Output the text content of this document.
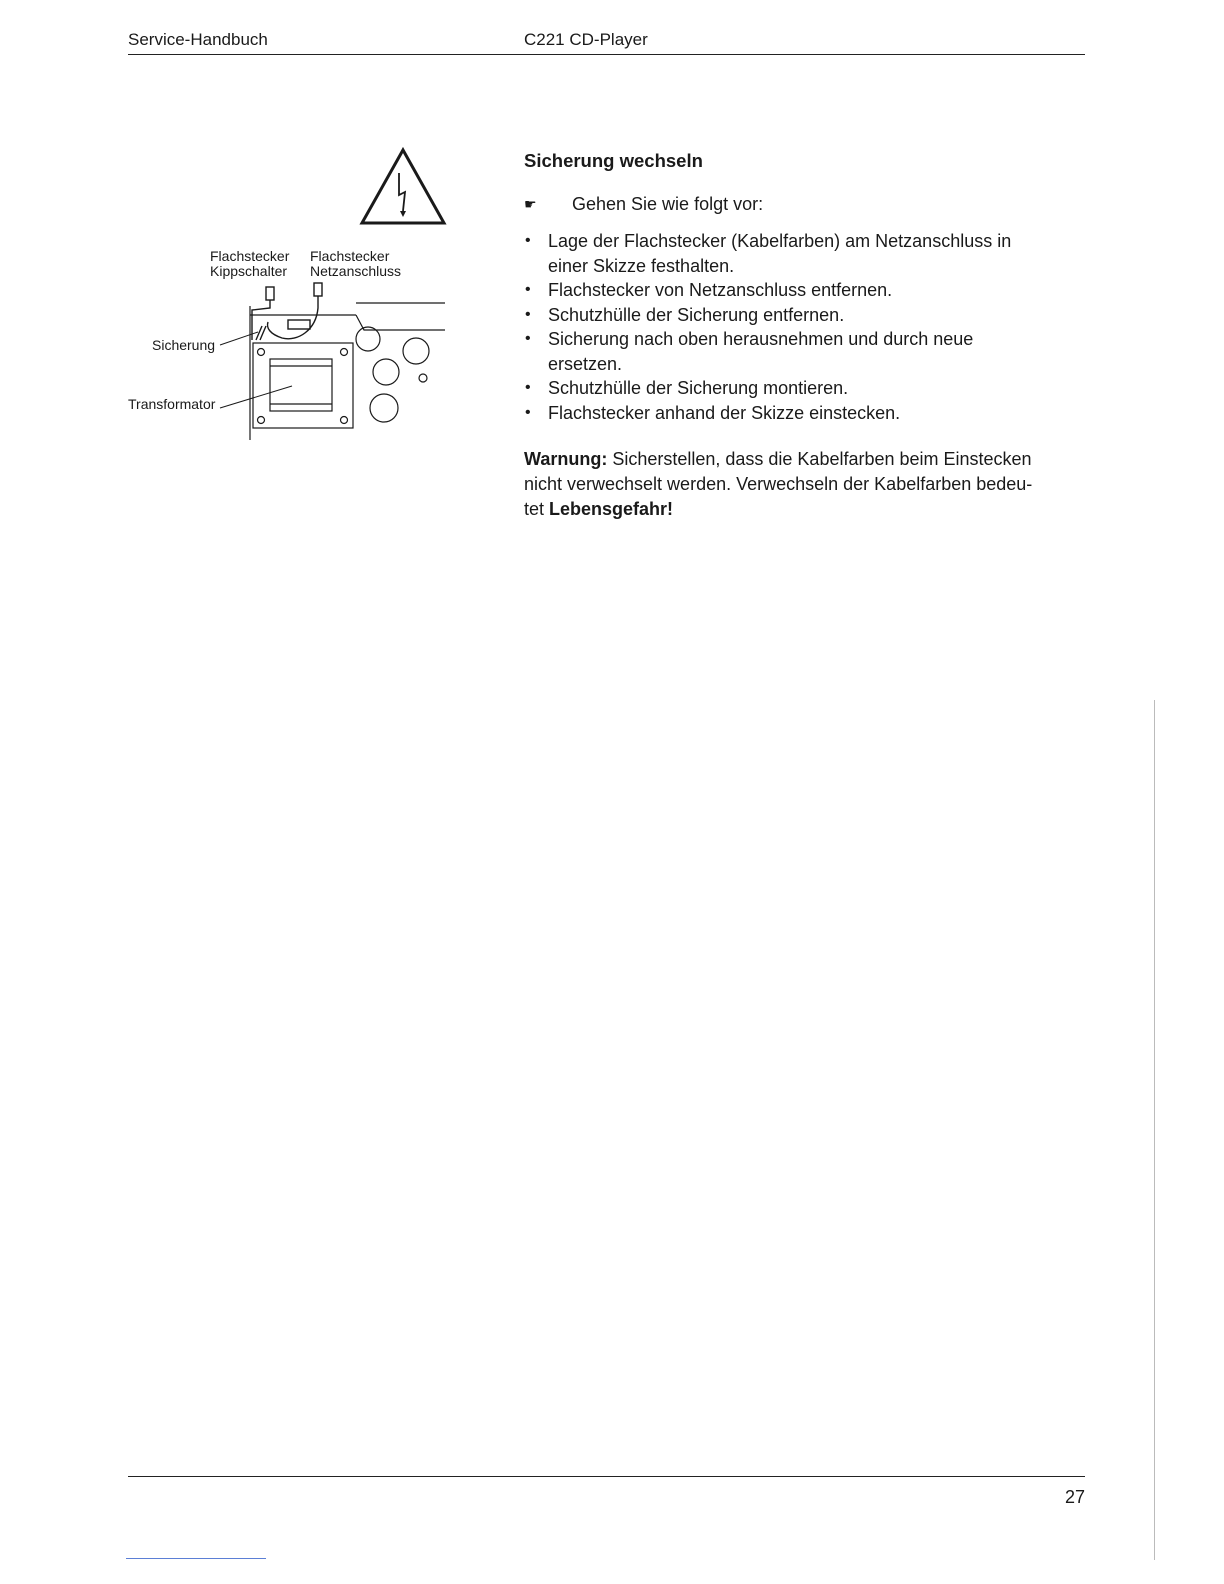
Service-Handbuch	C221 CD-Player
Flachstecker
Kippschalter
Flachstecker
Netzanschluss
Sicherung
Transformator
Sicherung wechseln
☛	Gehen Sie wie folgt vor:
• Lage der Flachstecker (Kabelfarben) am Netzanschluss in
einer Skizze festhalten.
• Flachstecker von Netzanschluss entfernen.
• Schutzhülle der Sicherung entfernen.
• Sicherung nach oben herausnehmen und durch neue
ersetzen.
• Schutzhülle der Sicherung montieren.
• Flachstecker anhand der Skizze einstecken.
Warnung: Sicherstellen, dass die Kabelfarben beim Einstecken
nicht verwechselt werden. Verwechseln der Kabelfarben bedeu-
tet Lebensgefahr!
27
